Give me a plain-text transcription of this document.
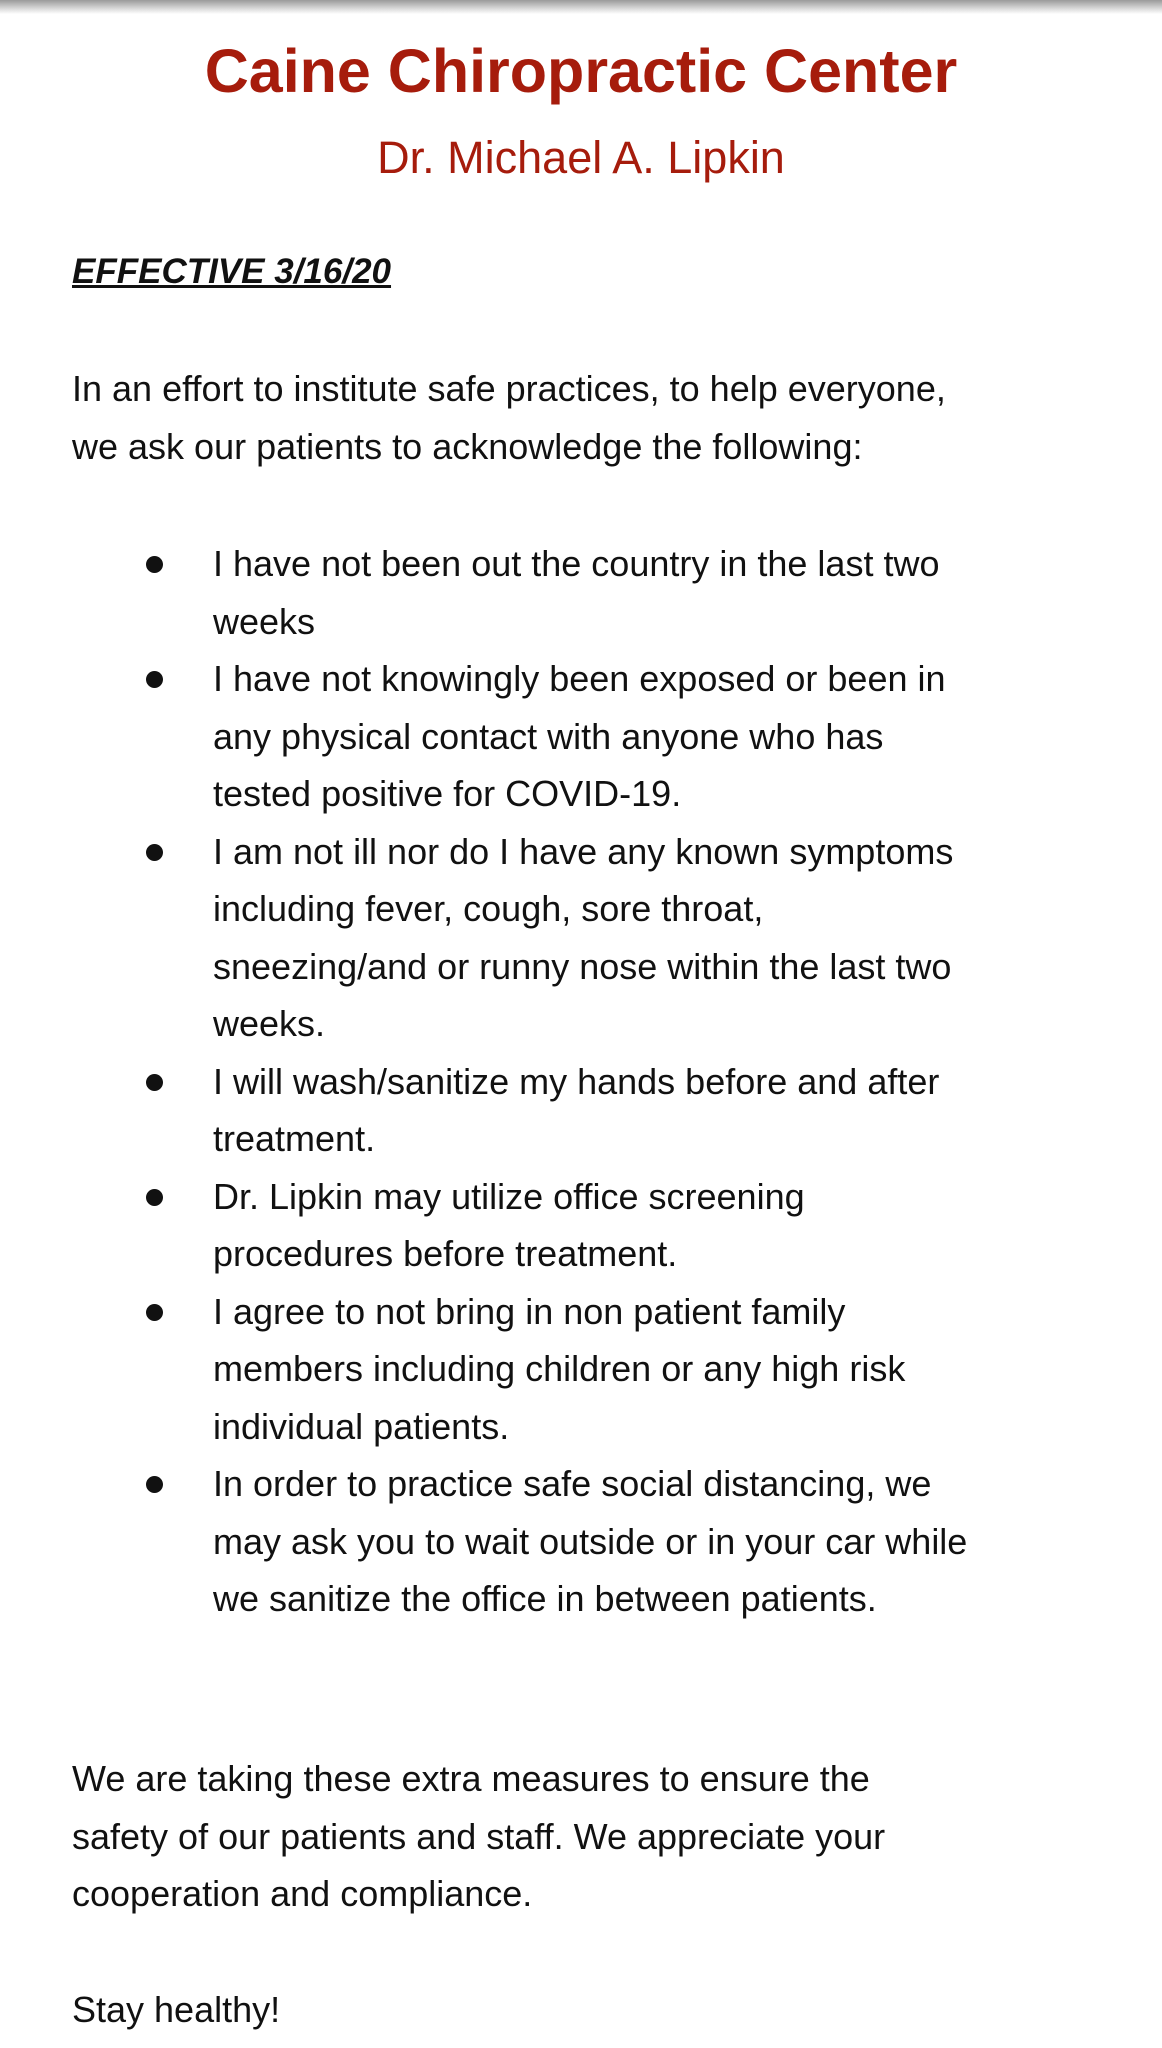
Caine Chiropractic Center
Dr. Michael A. Lipkin
EFFECTIVE 3/16/20
In an effort to institute safe practices, to help everyone,
we ask our patients to acknowledge the following:
I have not been out the country in the last two
weeks
I have not knowingly been exposed or been in
any physical contact with anyone who has
tested positive for COVID-19.
I am not ill nor do I have any known symptoms
including fever, cough, sore throat,
sneezing/and or runny nose within the last two
weeks.
I will wash/sanitize my hands before and after
treatment.
Dr. Lipkin may utilize office screening
procedures before treatment.
I agree to not bring in non patient family
members including children or any high risk
individual patients.
In order to practice safe social distancing, we
may ask you to wait outside or in your car while
we sanitize the office in between patients.
We are taking these extra measures to ensure the
safety of our patients and staff. We appreciate your
cooperation and compliance.
Stay healthy!
